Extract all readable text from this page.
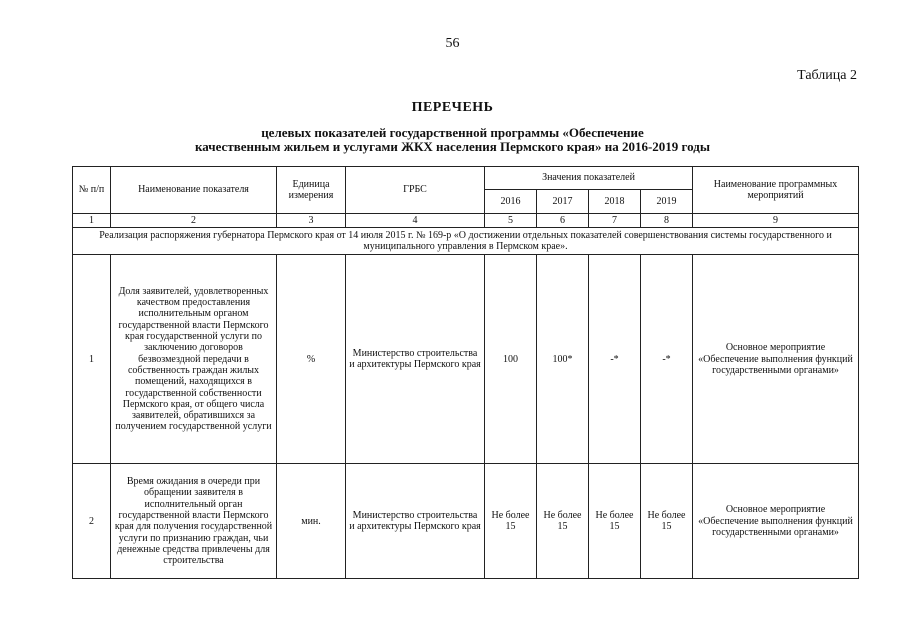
56
Таблица 2
ПЕРЕЧЕНЬ
целевых показателей государственной программы «Обеспечение
качественным жильем и услугами ЖКХ населения Пермского края» на 2016-2019 годы
№ п/п	Наименование показателя	Единица измерения	ГРБС	Значения показателей				Наименование программных мероприятий
				2016	2017	2018	2019	
1	2	3	4	5	6	7	8	9
Реализация распоряжения губернатора Пермского края от 14 июля 2015 г. № 169-р «О достижении отдельных показателей совершенствования системы государственного и муниципального управления в Пермском крае».								
1	Доля заявителей, удовлетворенных качеством предоставления исполнительным органом государственной власти Пермского края государственной услуги по заключению договоров безвозмездной передачи в собственность граждан жилых помещений, находящихся в государственной собственности Пермского края, от общего числа заявителей, обратившихся за получением государственной услуги	%	Министерство строительства и архитектуры Пермского края	100	100*	-*	-*	Основное мероприятие «Обеспечение выполнения функций государственными органами»
2	Время ожидания в очереди при обращении заявителя в исполнительный орган государственной власти Пермского края для получения государственной услуги по признанию граждан, чьи денежные средства привлечены для строительства	мин.	Министерство строительства и архитектуры Пермского края	Не более 15	Не более 15	Не более 15	Не более 15	Основное мероприятие «Обеспечение выполнения функций государственными органами»
